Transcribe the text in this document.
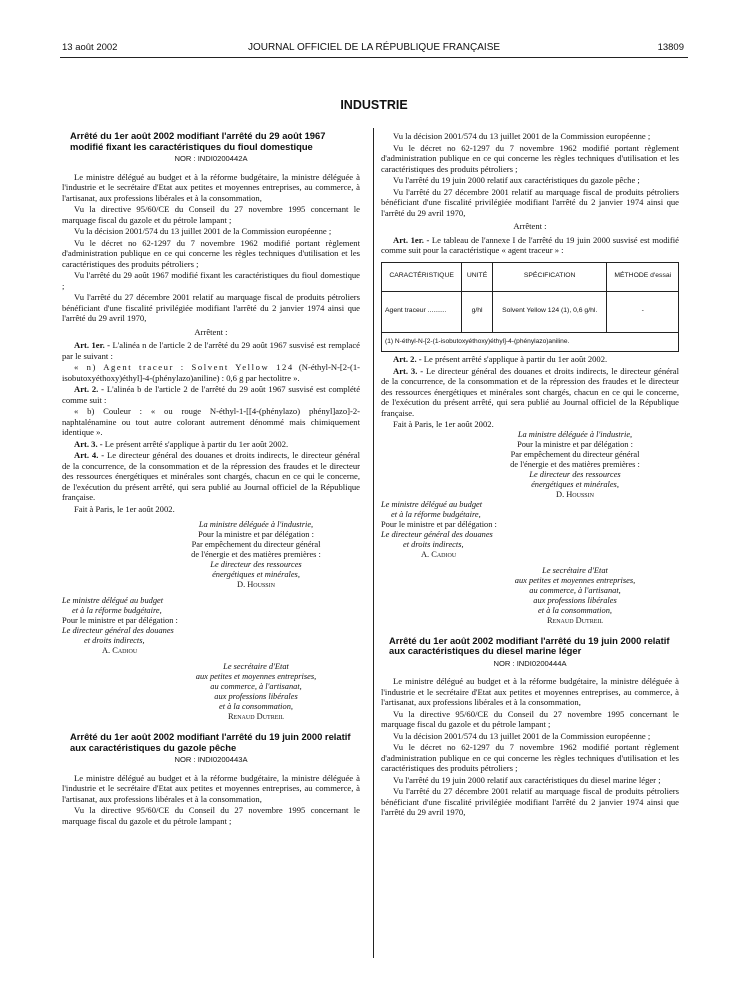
13 août 2002	JOURNAL OFFICIEL DE LA RÉPUBLIQUE FRANÇAISE	13809
INDUSTRIE
Arrêté du 1er août 2002 modifiant l'arrêté du 29 août 1967 modifié fixant les caractéristiques du fioul domestique
NOR : INDI0200442A

Le ministre délégué au budget et à la réforme budgétaire, la ministre déléguée à l'industrie et le secrétaire d'Etat aux petites et moyennes entreprises, au commerce, à l'artisanat, aux professions libérales et à la consommation,

Vu la directive 95/60/CE du Conseil du 27 novembre 1995 concernant le marquage fiscal du gazole et du pétrole lampant ;

Vu la décision 2001/574 du 13 juillet 2001 de la Commission européenne ;

Vu le décret no 62-1297 du 7 novembre 1962 modifié portant règlement d'administration publique en ce qui concerne les règles techniques d'utilisation et les caractéristiques des produits pétroliers ;

Vu l'arrêté du 29 août 1967 modifié fixant les caractéristiques du fioul domestique ;

Vu l'arrêté du 27 décembre 2001 relatif au marquage fiscal de produits pétroliers bénéficiant d'une fiscalité privilégiée modifiant l'arrêté du 2 janvier 1974 ainsi que l'arrêté du 29 avril 1970,

Arrêtent :

Art. 1er. - L'alinéa n de l'article 2 de l'arrêté du 29 août 1967 susvisé est remplacé par le suivant :

« n) Agent traceur : Solvent Yellow 124 (N-éthyl-N-[2-(1-isobutoxyéthoxy)éthyl]-4-(phénylazo)aniline) : 0,6 g par hectolitre ».

Art. 2. - L'alinéa b de l'article 2 de l'arrêté du 29 août 1967 susvisé est complété comme suit :

« b) Couleur : « ou rouge N-éthyl-1-[[4-(phénylazo) phényl]azo]-2-naphtalénamine ou tout autre colorant autrement dénommé mais chimiquement identique ».

Art. 3. - Le présent arrêté s'applique à partir du 1er août 2002.

Art. 4. - Le directeur général des douanes et droits indirects, le directeur général de la concurrence, de la consommation et de la répression des fraudes et le directeur des ressources énergétiques et minérales sont chargés, chacun en ce qui le concerne, de l'exécution du présent arrêté, qui sera publié au Journal officiel de la République française.

Fait à Paris, le 1er août 2002.

La ministre déléguée à l'industrie,
Pour la ministre et par délégation :
Par empêchement du directeur général
de l'énergie et des matières premières :
Le directeur des ressources
énergétiques et minérales,
D. Houssin
Le ministre délégué au budget
et à la réforme budgétaire,
Pour le ministre et par délégation :
Le directeur général des douanes
et droits indirects,
A. Cadiou
Le secrétaire d'Etat
aux petites et moyennes entreprises,
au commerce, à l'artisanat,
aux professions libérales
et à la consommation,
Renaud Dutreil
Arrêté du 1er août 2002 modifiant l'arrêté du 19 juin 2000 relatif aux caractéristiques du gazole pêche
NOR : INDI0200443A

Le ministre délégué au budget et à la réforme budgétaire, la ministre déléguée à l'industrie et le secrétaire d'Etat aux petites et moyennes entreprises, au commerce, à l'artisanat, aux professions libérales et à la consommation,

Vu la directive 95/60/CE du Conseil du 27 novembre 1995 concernant le marquage fiscal du gazole et du pétrole lampant ;

Vu la décision 2001/574 du 13 juillet 2001 de la Commission européenne ;

Vu le décret no 62-1297 du 7 novembre 1962 modifié portant règlement d'administration publique en ce qui concerne les règles techniques d'utilisation et les caractéristiques des produits pétroliers ;

Vu l'arrêté du 19 juin 2000 relatif aux caractéristiques du gazole pêche ;

Vu l'arrêté du 27 décembre 2001 relatif au marquage fiscal de produits pétroliers bénéficiant d'une fiscalité privilégiée modifiant l'arrêté du 2 janvier 1974 ainsi que l'arrêté du 29 avril 1970,

Arrêtent :

Art. 1er. - Le tableau de l'annexe I de l'arrêté du 19 juin 2000 susvisé est modifié comme suit pour la caractéristique « agent traceur » :

CARACTÉRISTIQUE	UNITÉ	SPÉCIFICATION	MÉTHODE d'essai
Agent traceur ..........	g/hl	Solvent Yellow 124 (1), 0,6 g/hl.	-
(1) N-éthyl-N-[2-(1-isobutoxyéthoxy)éthyl]-4-(phénylazo)aniline.			

Art. 2. - Le présent arrêté s'applique à partir du 1er août 2002.

Art. 3. - Le directeur général des douanes et droits indirects, le directeur général de la concurrence, de la consommation et de la répression des fraudes et le directeur des ressources énergétiques et minérales sont chargés, chacun en ce qui le concerne, de l'exécution du présent arrêté, qui sera publié au Journal officiel de la République française.

Fait à Paris, le 1er août 2002.

La ministre déléguée à l'industrie,
Pour la ministre et par délégation :
Par empêchement du directeur général
de l'énergie et des matières premières :
Le directeur des ressources
énergétiques et minérales,
D. Houssin
Le ministre délégué au budget
et à la réforme budgétaire,
Pour le ministre et par délégation :
Le directeur général des douanes
et droits indirects,
A. Cadiou
Le secrétaire d'Etat
aux petites et moyennes entreprises,
au commerce, à l'artisanat,
aux professions libérales
et à la consommation,
Renaud Dutreil
Arrêté du 1er août 2002 modifiant l'arrêté du 19 juin 2000 relatif aux caractéristiques du diesel marine léger
NOR : INDI0200444A

Le ministre délégué au budget et à la réforme budgétaire, la ministre déléguée à l'industrie et le secrétaire d'Etat aux petites et moyennes entreprises, au commerce, à l'artisanat, aux professions libérales et à la consommation,

Vu la directive 95/60/CE du Conseil du 27 novembre 1995 concernant le marquage fiscal du gazole et du pétrole lampant ;

Vu la décision 2001/574 du 13 juillet 2001 de la Commission européenne ;

Vu le décret no 62-1297 du 7 novembre 1962 modifié portant règlement d'administration publique en ce qui concerne les règles techniques d'utilisation et les caractéristiques des produits pétroliers ;

Vu l'arrêté du 19 juin 2000 relatif aux caractéristiques du diesel marine léger ;

Vu l'arrêté du 27 décembre 2001 relatif au marquage fiscal de produits pétroliers bénéficiant d'une fiscalité privilégiée modifiant l'arrêté du 2 janvier 1974 ainsi que l'arrêté du 29 avril 1970,
